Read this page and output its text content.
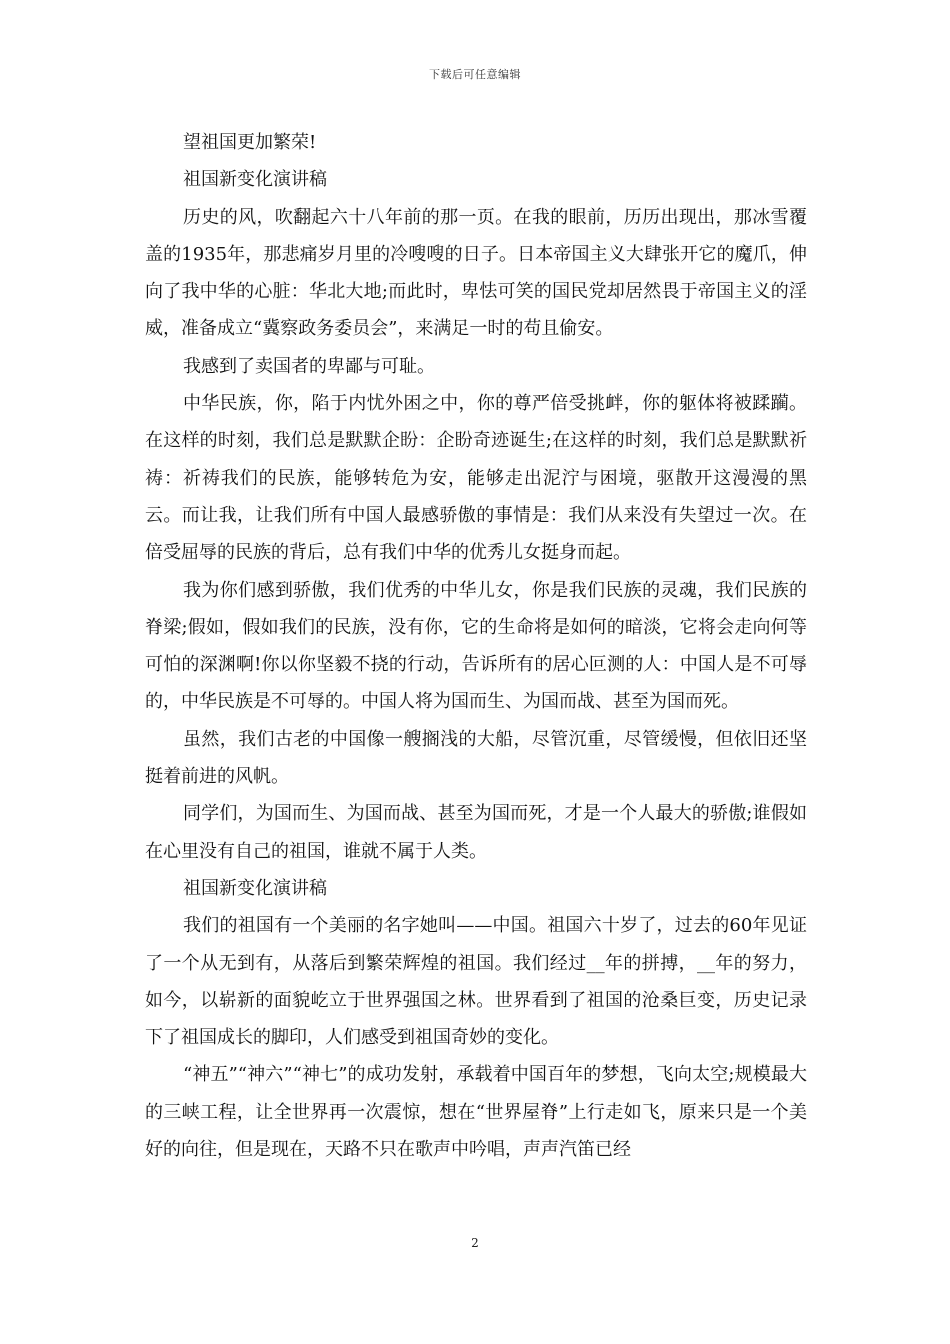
下载后可任意编辑

望祖国更加繁荣!

祖国新变化演讲稿

历史的风，吹翻起六十八年前的那一页。在我的眼前，历历出现出，那冰雪覆盖的1935年，那悲痛岁月里的冷嗖嗖的日子。日本帝国主义大肆张开它的魔爪，伸向了我中华的心脏：华北大地;而此时，卑怯可笑的国民党却居然畏于帝国主义的淫威，准备成立“冀察政务委员会”，来满足一时的苟且偷安。

我感到了卖国者的卑鄙与可耻。

中华民族，你，陷于内忧外困之中，你的尊严倍受挑衅，你的躯体将被蹂躏。在这样的时刻，我们总是默默企盼：企盼奇迹诞生;在这样的时刻，我们总是默默祈祷：祈祷我们的民族，能够转危为安，能够走出泥泞与困境，驱散开这漫漫的黑云。而让我，让我们所有中国人最感骄傲的事情是：我们从来没有失望过一次。在倍受屈辱的民族的背后，总有我们中华的优秀儿女挺身而起。

我为你们感到骄傲，我们优秀的中华儿女，你是我们民族的灵魂，我们民族的脊梁;假如，假如我们的民族，没有你，它的生命将是如何的暗淡，它将会走向何等可怕的深渊啊!你以你坚毅不挠的行动，告诉所有的居心叵测的人：中国人是不可辱的，中华民族是不可辱的。中国人将为国而生、为国而战、甚至为国而死。

虽然，我们古老的中国像一艘搁浅的大船，尽管沉重，尽管缓慢，但依旧还坚挺着前进的风帆。

同学们，为国而生、为国而战、甚至为国而死，才是一个人最大的骄傲;谁假如在心里没有自己的祖国，谁就不属于人类。

祖国新变化演讲稿

我们的祖国有一个美丽的名字她叫——中国。祖国六十岁了，过去的60年见证了一个从无到有，从落后到繁荣辉煌的祖国。我们经过__年的拼搏，__年的努力，如今，以崭新的面貌屹立于世界强国之林。世界看到了祖国的沧桑巨变，历史记录下了祖国成长的脚印，人们感受到祖国奇妙的变化。

“神五”“神六”“神七”的成功发射，承载着中国百年的梦想，飞向太空;规模最大的三峡工程，让全世界再一次震惊，想在“世界屋脊”上行走如飞，原来只是一个美好的向往，但是现在，天路不只在歌声中吟唱，声声汽笛已经

2
